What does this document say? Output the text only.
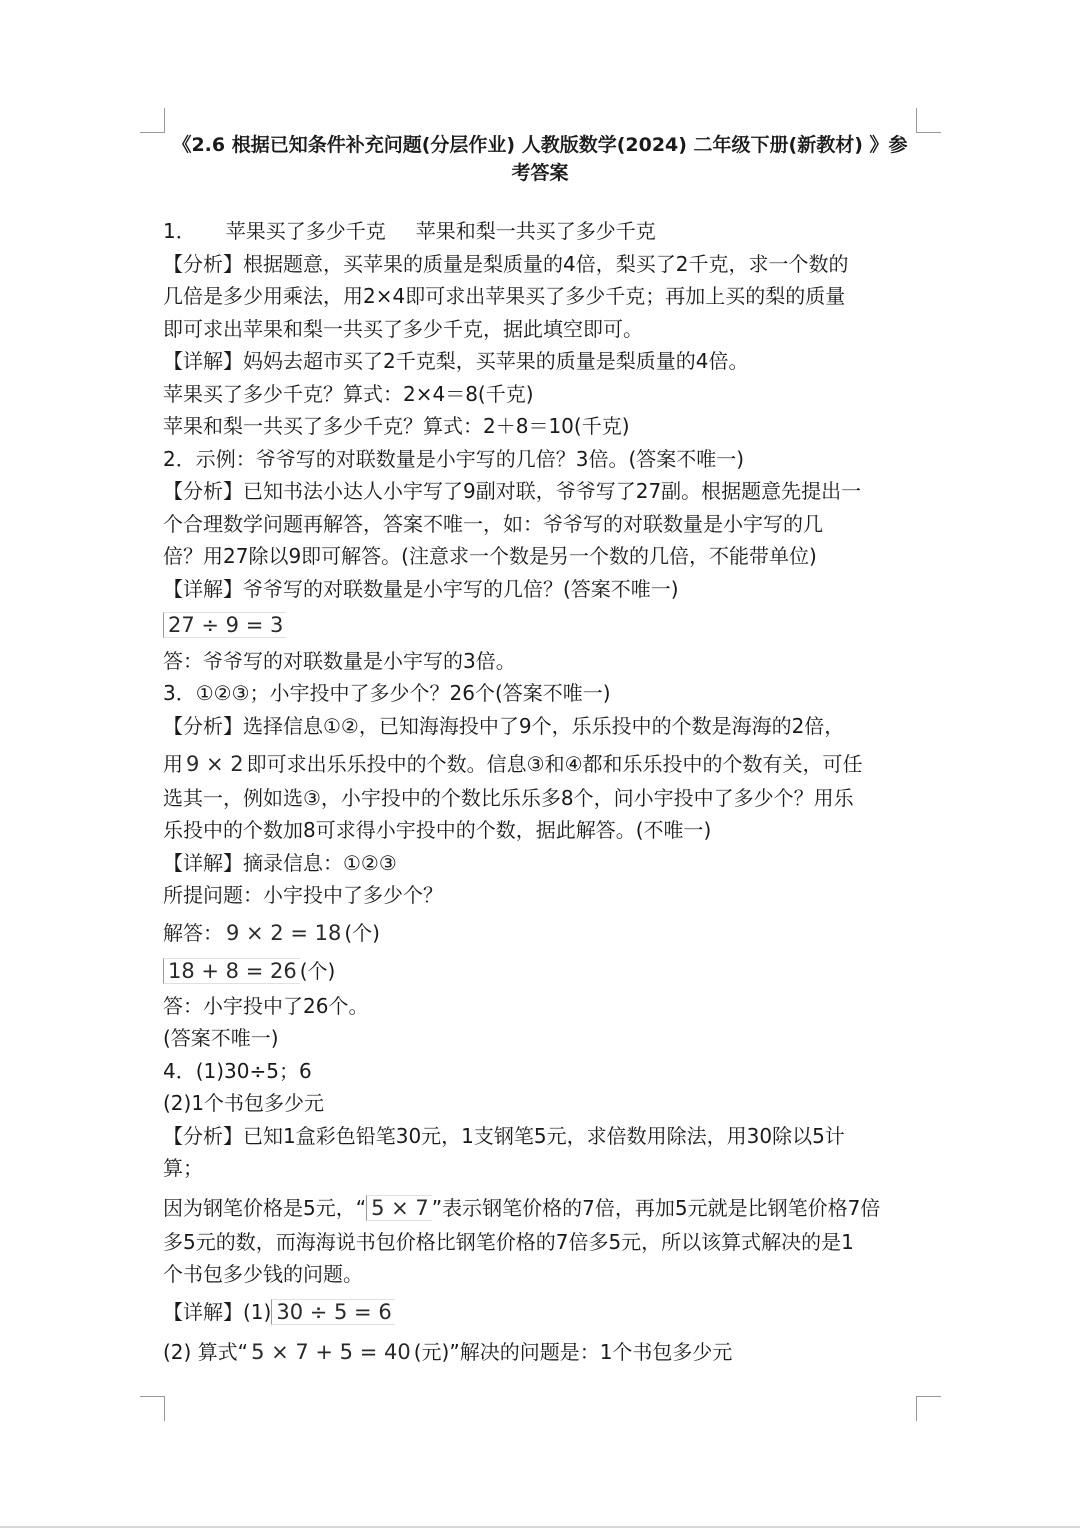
《2.6 根据已知条件补充问题(分层作业) 人教版数学(2024) 二年级下册(新教材) 》参
考答案
1． 苹果买了多少千克 苹果和梨一共买了多少千克
【分析】根据题意，买苹果的质量是梨质量的4倍，梨买了2千克，求一个数的
几倍是多少用乘法，用2×4即可求出苹果买了多少千克；再加上买的梨的质量
即可求出苹果和梨一共买了多少千克，据此填空即可。
【详解】妈妈去超市买了2千克梨，买苹果的质量是梨质量的4倍。
苹果买了多少千克？算式：2×4＝8(千克)
苹果和梨一共买了多少千克？算式：2＋8＝10(千克)
2．示例：爷爷写的对联数量是小宇写的几倍？3倍。(答案不唯一)
【分析】已知书法小达人小宇写了9副对联，爷爷写了27副。根据题意先提出一
个合理数学问题再解答，答案不唯一，如：爷爷写的对联数量是小宇写的几
倍？用27除以9即可解答。(注意求一个数是另一个数的几倍，不能带单位)
【详解】爷爷写的对联数量是小宇写的几倍？(答案不唯一)
27 ÷ 9 = 3
答：爷爷写的对联数量是小宇写的3倍。
3．①②③；小宇投中了多少个？26个(答案不唯一)
【分析】选择信息①②，已知海海投中了9个，乐乐投中的个数是海海的2倍，
用 9 × 2 即可求出乐乐投中的个数。信息③和④都和乐乐投中的个数有关，可任
选其一，例如选③，小宇投中的个数比乐乐多8个，问小宇投中了多少个？用乐
乐投中的个数加8可求得小宇投中的个数，据此解答。(不唯一)
【详解】摘录信息：①②③
所提问题：小宇投中了多少个？
解答： 9 × 2 = 18 (个)
18 + 8 = 26 (个)
答：小宇投中了26个。
(答案不唯一)
4．(1)30÷5；6
(2)1个书包多少元
【分析】已知1盒彩色铅笔30元，1支钢笔5元，求倍数用除法，用30除以5计
算；
因为钢笔价格是5元，“ 5 × 7 ”表示钢笔价格的7倍，再加5元就是比钢笔价格7倍
多5元的数，而海海说书包价格比钢笔价格的7倍多5元，所以该算式解决的是1
个书包多少钱的问题。
【详解】(1) 30 ÷ 5 = 6
(2) 算式“ 5 × 7 + 5 = 40 (元)”解决的问题是：1个书包多少元
